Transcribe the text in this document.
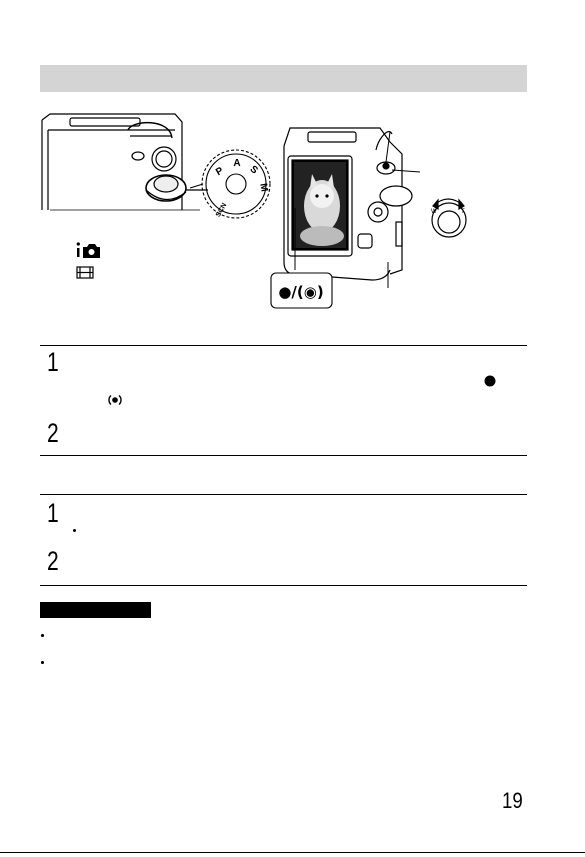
P
A
S
M
SCN	W	T
●/(◉)
1
2
1
2
19
